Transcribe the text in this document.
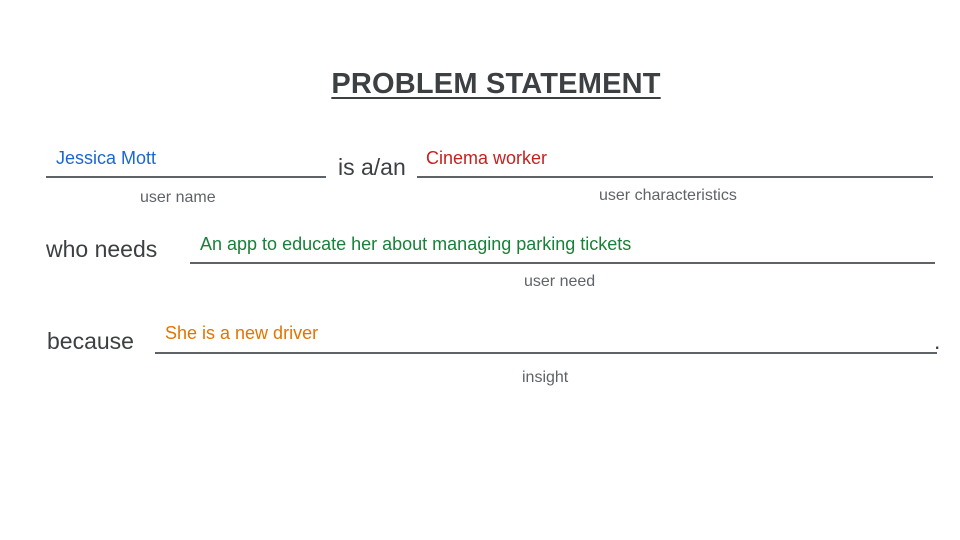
PROBLEM STATEMENT
Jessica Mott
user name
is a/an Cinema worker
user characteristics
who needs An app to educate her about managing parking tickets
user need
because She is a new driver	.
insight
